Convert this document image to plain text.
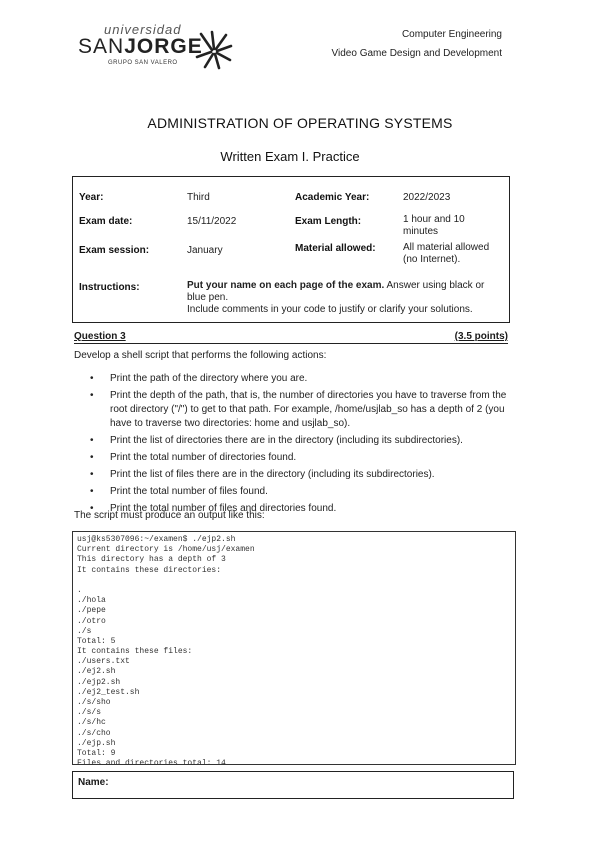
universidad
SANJORGE
GRUPO SAN VALERO
Computer Engineering
Video Game Design and Development
ADMINISTRATION OF OPERATING SYSTEMS
Written Exam I. Practice
Year:	Third	Academic Year:	2022/2023
Exam date:	15/11/2022	Exam Length:	1 hour and 10
minutes
Exam session:	January	Material allowed:	All material allowed
(no Internet).
Instructions:	Put your name on each page of the exam. Answer using black or
blue pen.
Include comments in your code to justify or clarify your solutions.
Question 3	(3.5 points)
Develop a shell script that performs the following actions:
• Print the path of the directory where you are.
• Print the depth of the path, that is, the number of directories you have to traverse from the root directory ("/") to get to that path. For example, /home/usjlab_so has a depth of 2 (you have to traverse two directories: home and usjlab_so).
• Print the list of directories there are in the directory (including its subdirectories).
• Print the total number of directories found.
• Print the list of files there are in the directory (including its subdirectories).
• Print the total number of files found.
• Print the total number of files and directories found.
The script must produce an output like this:
usj@ks5307096:~/examen$ ./ejp2.sh
Current directory is /home/usj/examen
This directory has a depth of 3
It contains these directories:
.
./hola
./pepe
./otro
./s
Total: 5
It contains these files:
./users.txt
./ej2.sh
./ejp2.sh
./ej2_test.sh
./s/sho
./s/s
./s/hc
./s/cho
./ejp.sh
Total: 9
Files and directories total: 14
Name:
